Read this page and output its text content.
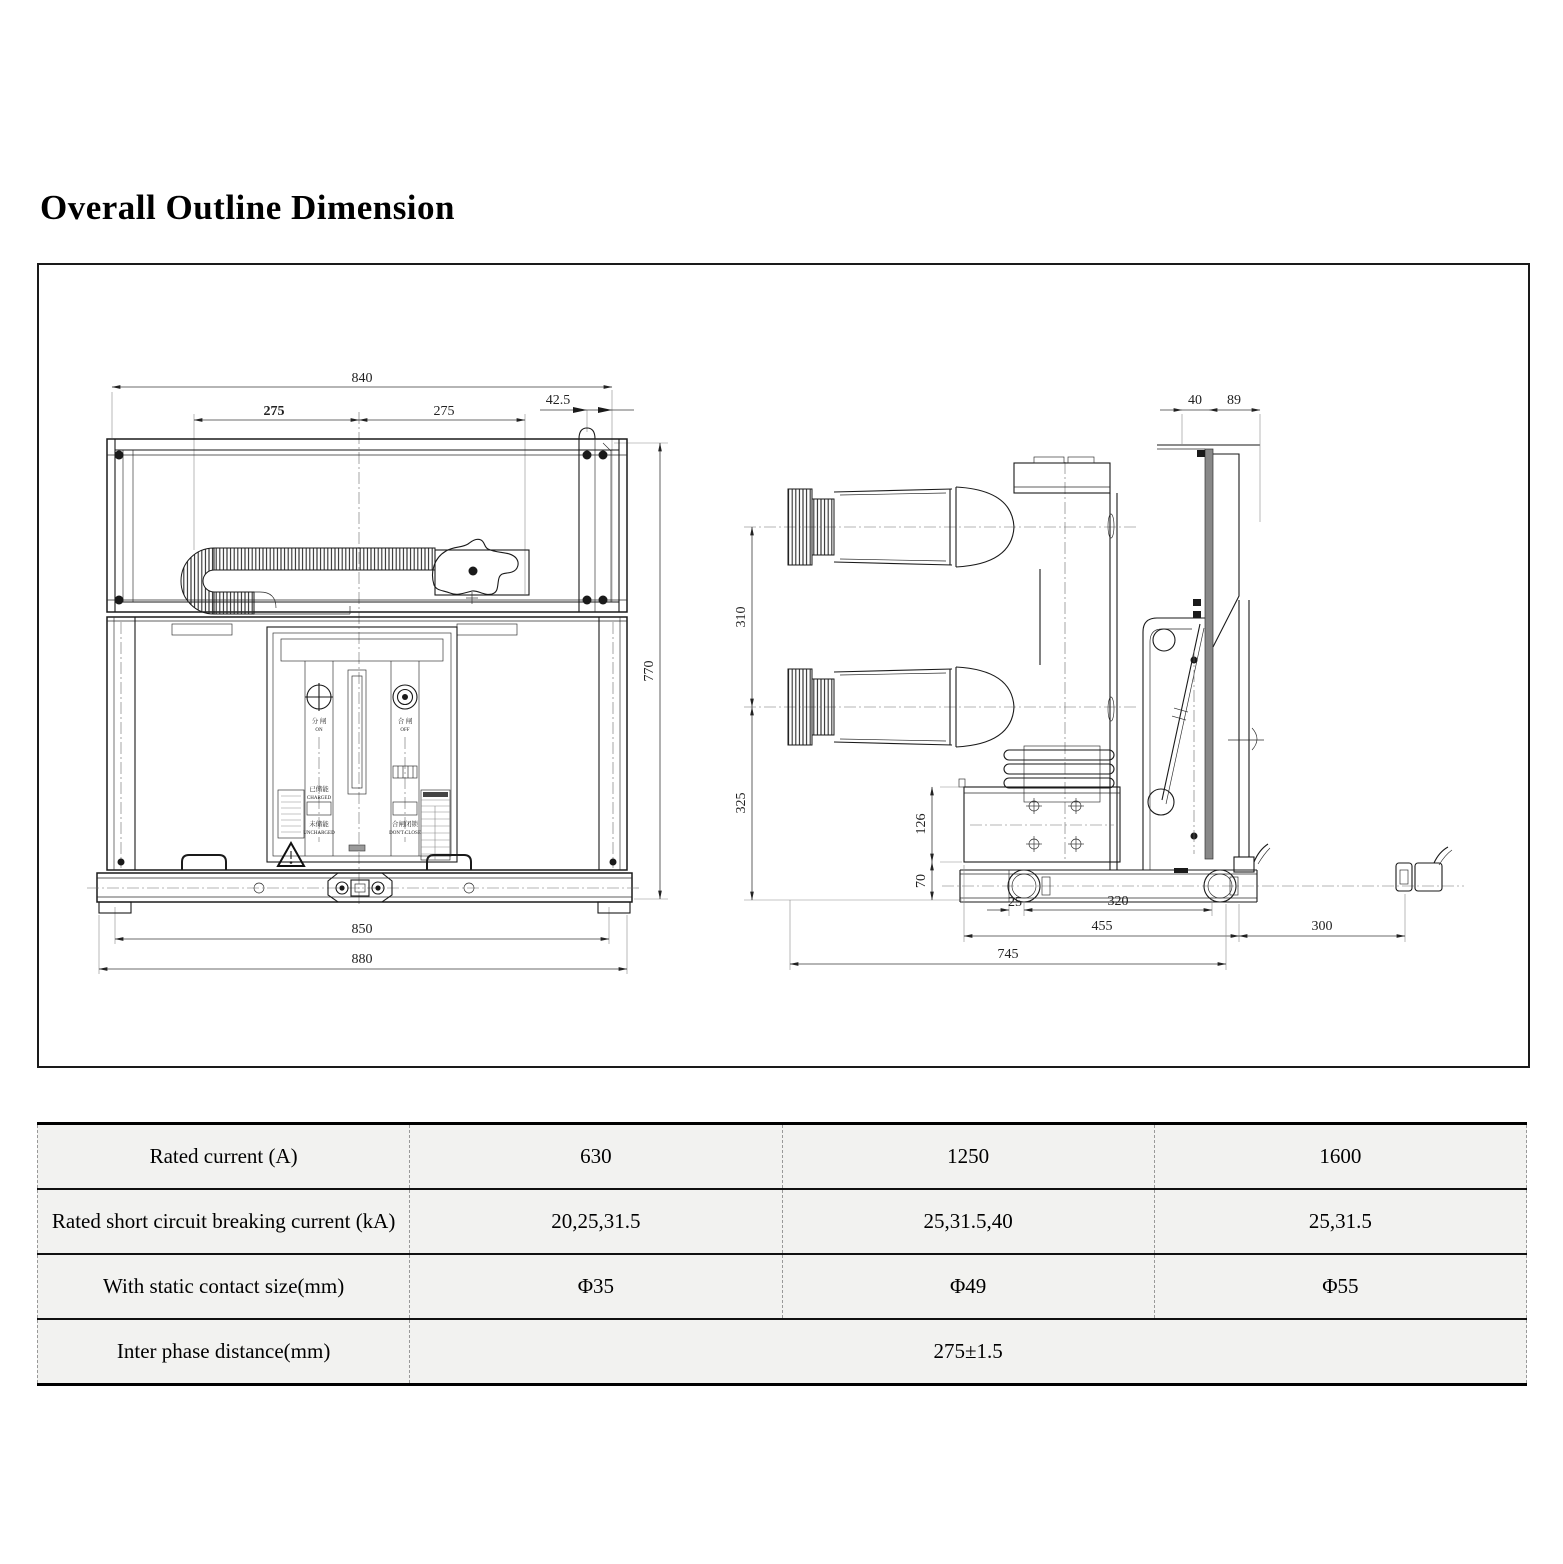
Overall Outline Dimension
840
275	275
42.5
770
850
880
分 闸
ON
合 闸
OFF
已储能
CHARGED
未储能
UNCHARGED
合闸闭锁
DON'T CLOSE
310
325
126
70
40 89
25	320
455	300
745
Rated current (A)	630	1250	1600
Rated short circuit breaking current (kA)	20,25,31.5	25,31.5,40	25,31.5
With static contact size(mm)	Φ35	Φ49	Φ55
Inter phase distance(mm)	275±1.5		
